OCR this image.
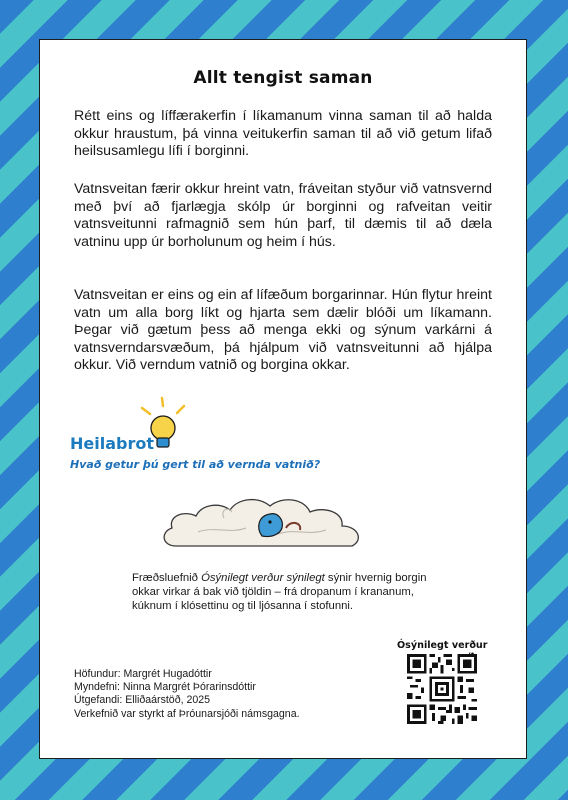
Allt tengist saman

Rétt eins og líffærakerfin í líkamanum vinna saman til að halda okkur hraustum, þá vinna veitukerfin saman til að við getum lifað heilsusamlegu lífi í borginni.

Vatnsveitan færir okkur hreint vatn, fráveitan styður við vatnsvernd með því að fjarlægja skólp úr borginni og rafveitan veitir vatnsveitunni rafmagnið sem hún þarf, til dæmis til að dæla vatninu upp úr borholunum og heim í hús.

Vatnsveitan er eins og ein af lífæðum borgarinnar. Hún flytur hreint vatn um alla borg líkt og hjarta sem dælir blóði um líkamann. Þegar við gætum þess að menga ekki og sýnum varkárni á vatnsverndarsvæðum, þá hjálpum við vatnsveitunni að hjálpa okkur. Við verndum vatnið og borgina okkar.

Heilabrot
Hvað getur þú gert til að vernda vatnið?

Fræðsluefnið Ósýnilegt verður sýnilegt sýnir hvernig borgin okkar virkar á bak við tjöldin – frá dropanum í krananum, kúknum í klósettinu og til ljósanna í stofunni.

Höfundur: Margrét Hugadóttir
Myndefni: Ninna Margrét Þórarinsdóttir
Útgefandi: Elliðaárstöð, 2025
Verkefnið var styrkt af Þróunarsjóði námsgagna.
Ósýnilegt verður
